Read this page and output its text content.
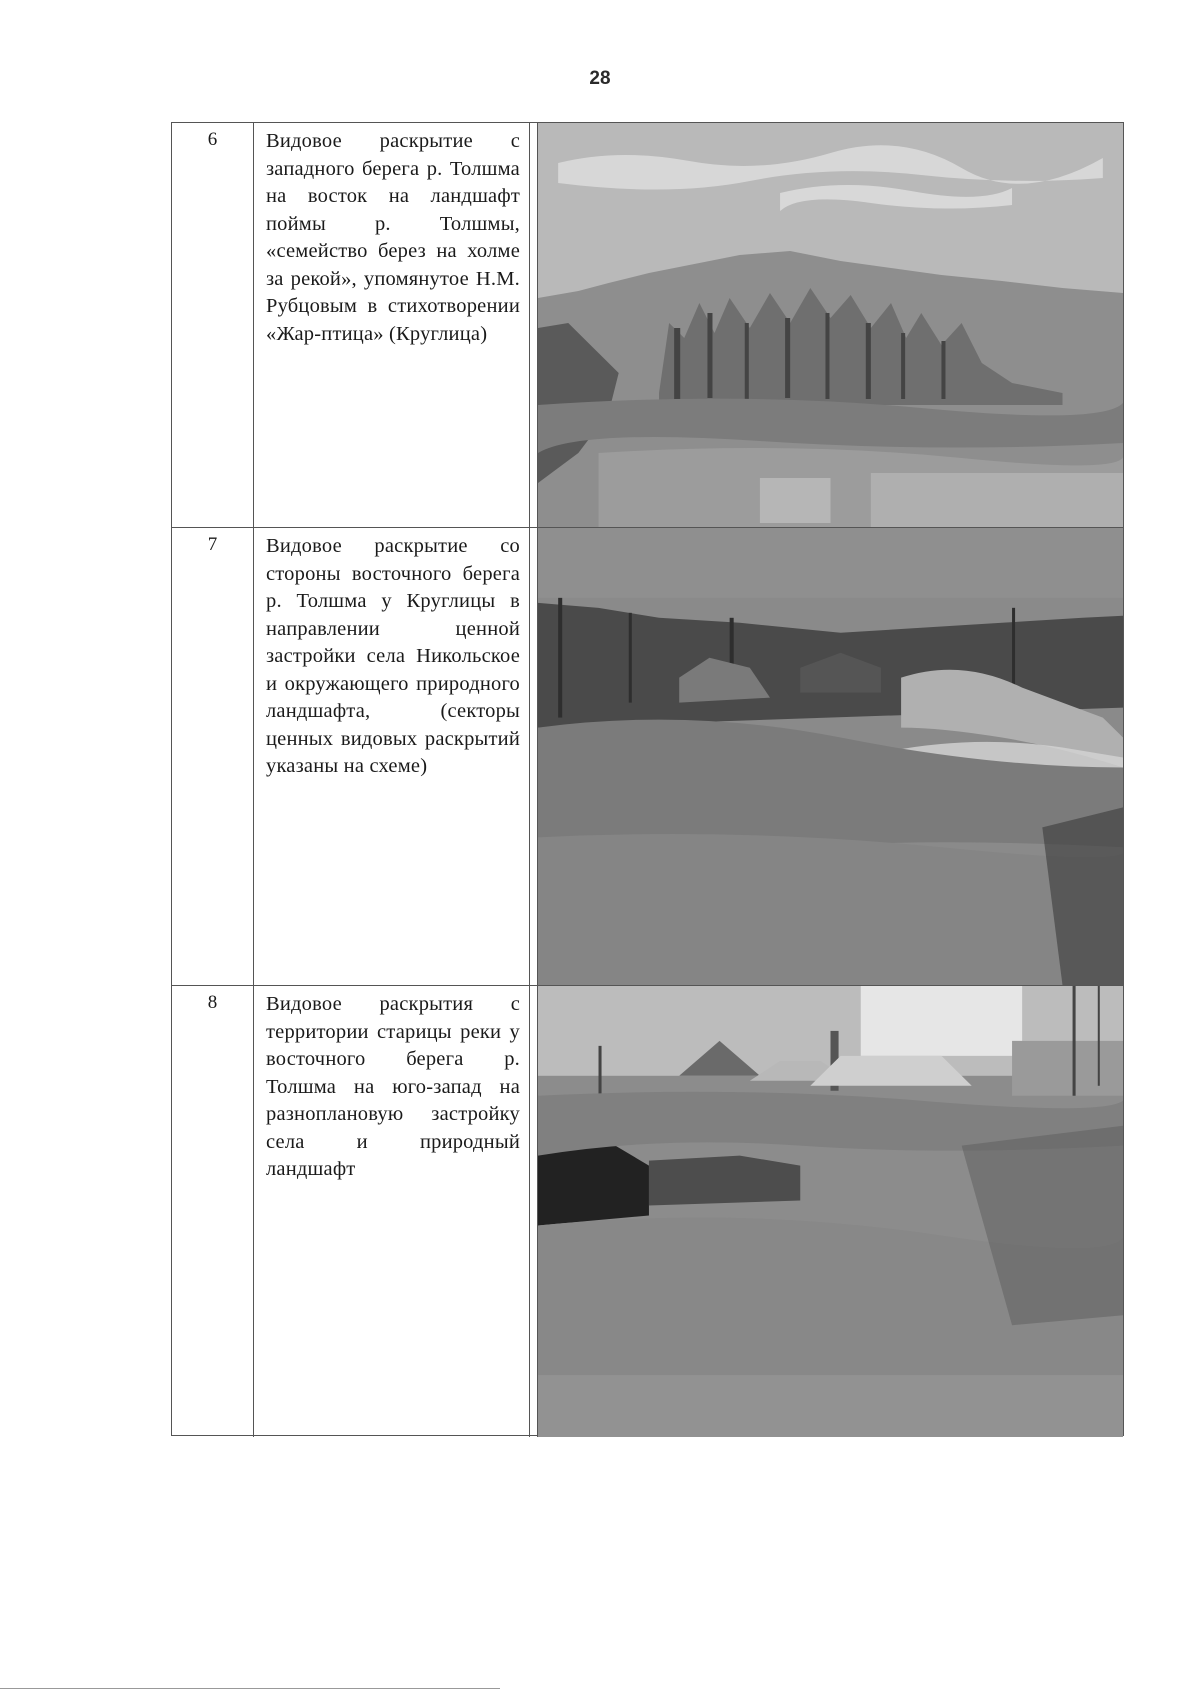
28
6	Видовое раскрытие с западного берега р. Толшма на восток на ландшафт поймы р. Толшмы, «семейство берез на холме за рекой», упомянутое Н.М. Рубцовым в стихотворении «Жар-птица» (Круглица)
7	Видовое раскрытие со стороны восточного берега р. Толшма у Круглицы в направлении ценной застройки села Никольское и окружающего природного ландшафта, (секторы ценных видовых раскрытий указаны на схеме)
8	Видовое раскрытия с территории старицы реки у восточного берега р. Толшма на юго-запад на разноплановую застройку села и природный ландшафт
